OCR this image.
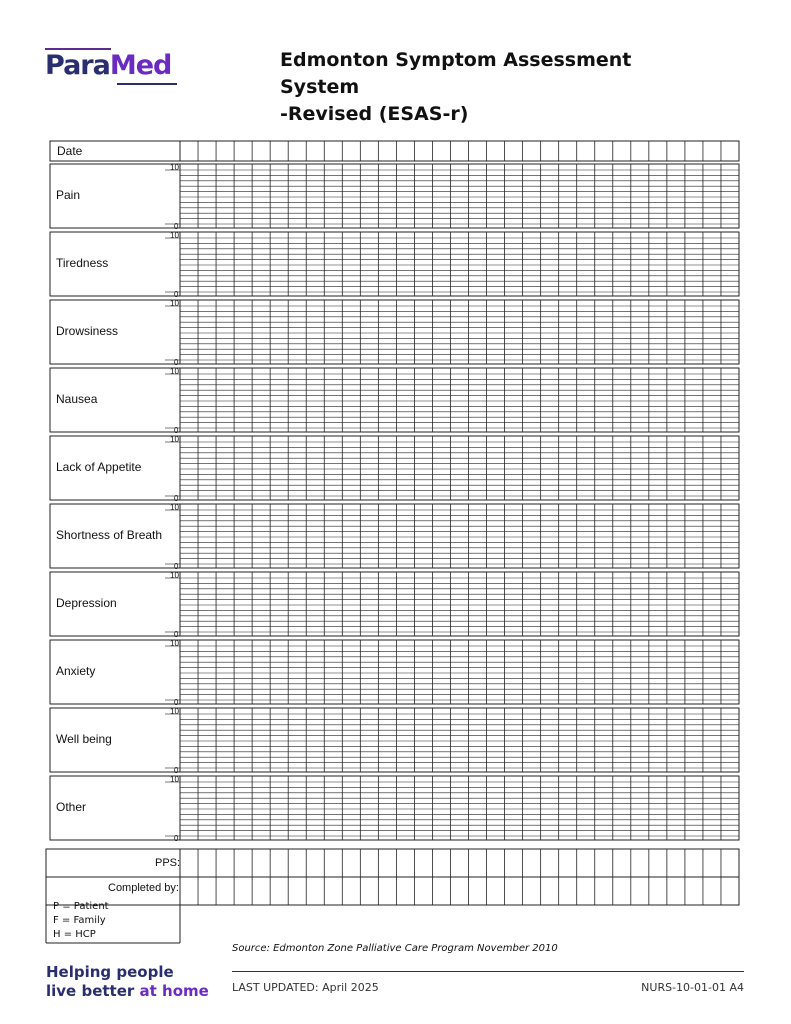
ParaMed	Edmonton Symptom Assessment System
-Revised (ESAS-r)
Date
Pain
10
0
Tiredness
10
0
Drowsiness
10
0
Nausea
10
0
Lack of Appetite
10
0
Shortness of Breath
10
0
Depression
10
0
Anxiety
10
0
Well being
10
0
Other
10
0
PPS:
Completed by:
P = Patient
F = Family
H = HCP
Source: Edmonton Zone Palliative Care Program November 2010
LAST UPDATED: April 2025	NURS-10-01-01 A4
Helping people
live better at home
